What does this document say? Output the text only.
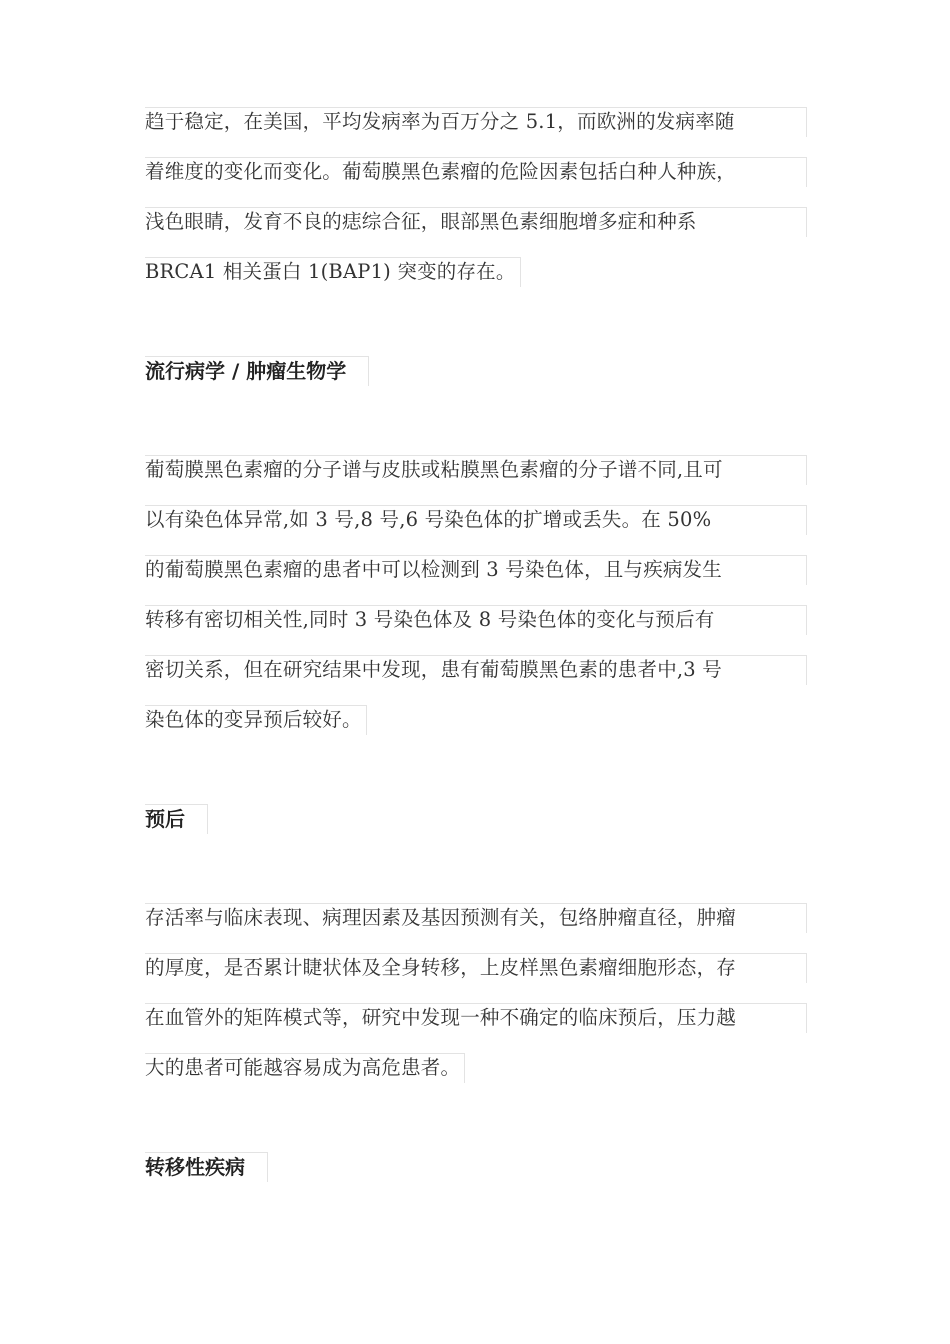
趋于稳定，在美国，平均发病率为百万分之 5.1，而欧洲的发病率随

着维度的变化而变化。葡萄膜黑色素瘤的危险因素包括白种人种族，

浅色眼睛，发育不良的痣综合征，眼部黑色素细胞增多症和种系

BRCA1 相关蛋白 1(BAP1) 突变的存在。

流行病学 / 肿瘤生物学

葡萄膜黑色素瘤的分子谱与皮肤或粘膜黑色素瘤的分子谱不同,且可

以有染色体异常,如 3 号,8 号,6 号染色体的扩增或丢失。在 50%

的葡萄膜黑色素瘤的患者中可以检测到 3 号染色体，且与疾病发生

转移有密切相关性,同时 3 号染色体及 8 号染色体的变化与预后有

密切关系，但在研究结果中发现，患有葡萄膜黑色素的患者中,3 号

染色体的变异预后较好。

预后

存活率与临床表现、病理因素及基因预测有关，包络肿瘤直径，肿瘤

的厚度，是否累计睫状体及全身转移，上皮样黑色素瘤细胞形态，存

在血管外的矩阵模式等，研究中发现一种不确定的临床预后，压力越

大的患者可能越容易成为高危患者。

转移性疾病
